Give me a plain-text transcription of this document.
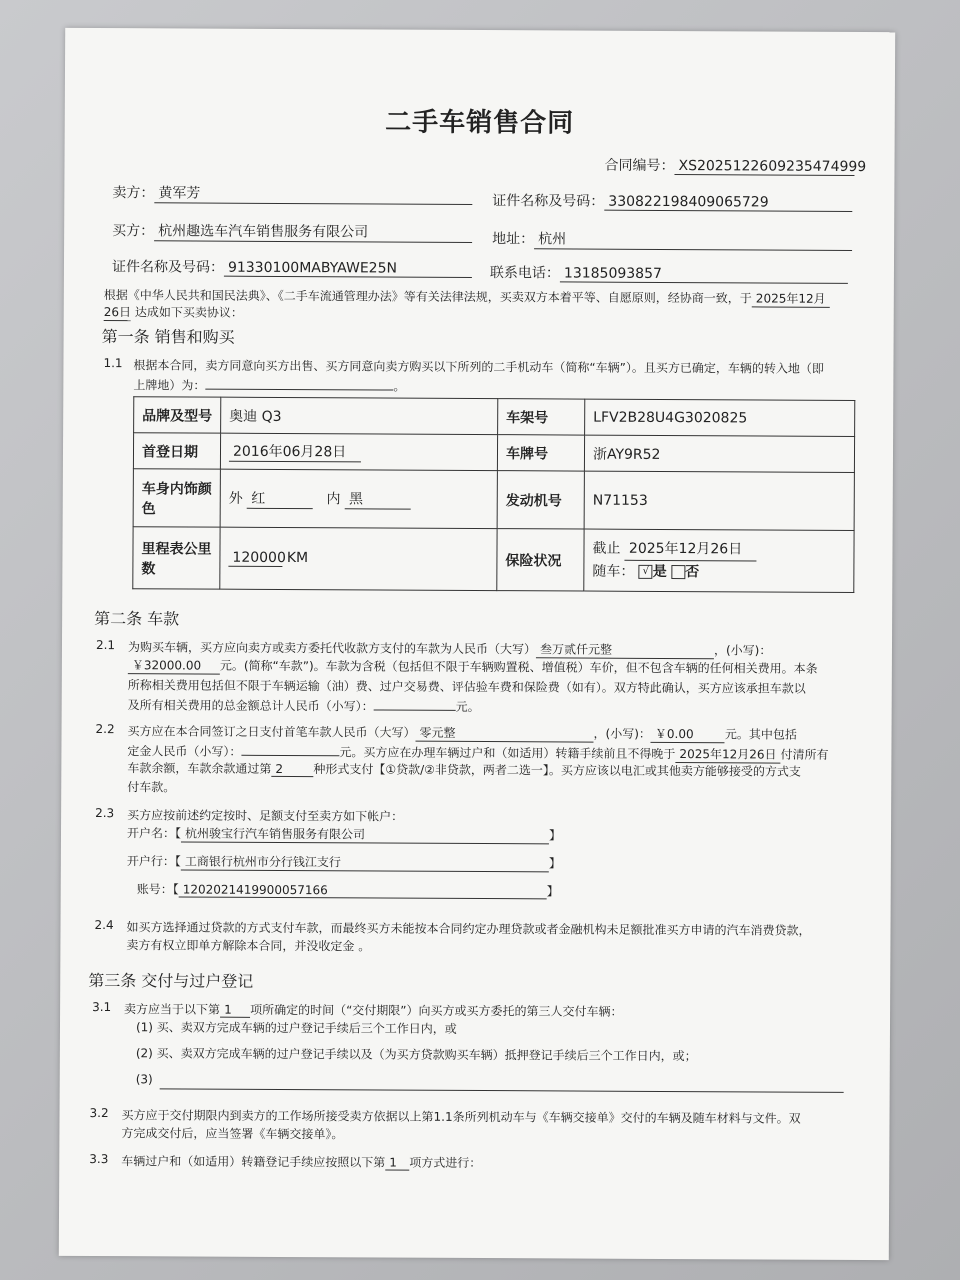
二手车销售合同
合同编号： XS2025122609235474999
卖方： 黄军芳	证件名称及号码： 330822198409065729
买方： 杭州趣选车汽车销售服务有限公司	地址： 杭州
证件名称及号码： 91330100MABYAWE25N	联系电话： 13185093857
根据《中华人民共和国民法典》、《二手车流通管理办法》等有关法律法规，买卖双方本着平等、自愿原则，经协商一致，于 2025年12月
26日 达成如下买卖协议：
第一条 销售和购买
1.1 根据本合同，卖方同意向买方出售、买方同意向卖方购买以下所列的二手机动车（简称“车辆”）。且买方已确定，车辆的转入地（即
上牌地）为：	。
品牌及型号	奥迪 Q3	车架号	LFV2B28U4G3020825
首登日期	2016年06月28日	车牌号	浙AY9R52
车身内饰颜色	外 红 内 黑	发动机号	N71153
里程表公里数	120000 KM	保险状况	截止 2025年12月26日
随车： √ 是 否
第二条 车款
2.1 为购买车辆，买方应向卖方或卖方委托代收款方支付的车款为人民币（大写） 叁万贰仟元整	，(小写)：
￥32000.00 元。(简称“车款”)。车款为含税（包括但不限于车辆购置税、增值税）车价，但不包含车辆的任何相关费用。本条
所称相关费用包括但不限于车辆运输（油）费、过户交易费、评估验车费和保险费（如有）。双方特此确认，买方应该承担车款以
及所有相关费用的总金额总计人民币（小写）：	元。
2.2 买方应在本合同签订之日支付首笔车款人民币（大写） 零元整	，(小写)： ￥0.00	元。其中包括
定金人民币（小写）：	元。买方应在办理车辆过户和（如适用）转籍手续前且不得晚于 2025年12月26日 付清所有
车款余额，车款余款通过第 2	种形式支付【①贷款/②非贷款，两者二选一】。买方应该以电汇或其他卖方能够接受的方式支
付车款。
2.3 买方应按前述约定按时、足额支付至卖方如下帐户：
开户名：【 杭州骏宝行汽车销售服务有限公司	】
开户行：【 工商银行杭州市分行钱江支行	】
账号：【 1202021419900057166	】
2.4 如买方选择通过贷款的方式支付车款，而最终买方未能按本合同约定办理贷款或者金融机构未足额批准买方申请的汽车消费贷款，
卖方有权立即单方解除本合同，并没收定金 。
第三条 交付与过户登记
3.1 卖方应当于以下第 1 项所确定的时间（“交付期限”）向买方或买方委托的第三人交付车辆：
(1) 买、卖双方完成车辆的过户登记手续后三个工作日内，或
(2) 买、卖双方完成车辆的过户登记手续以及（为买方贷款购买车辆）抵押登记手续后三个工作日内，或；
(3)
3.2 买方应于交付期限内到卖方的工作场所接受卖方依据以上第1.1条所列机动车与《车辆交接单》交付的车辆及随车材料与文件。双
方完成交付后，应当签署《车辆交接单》。
3.3 车辆过户和（如适用）转籍登记手续应按照以下第 1 项方式进行：
